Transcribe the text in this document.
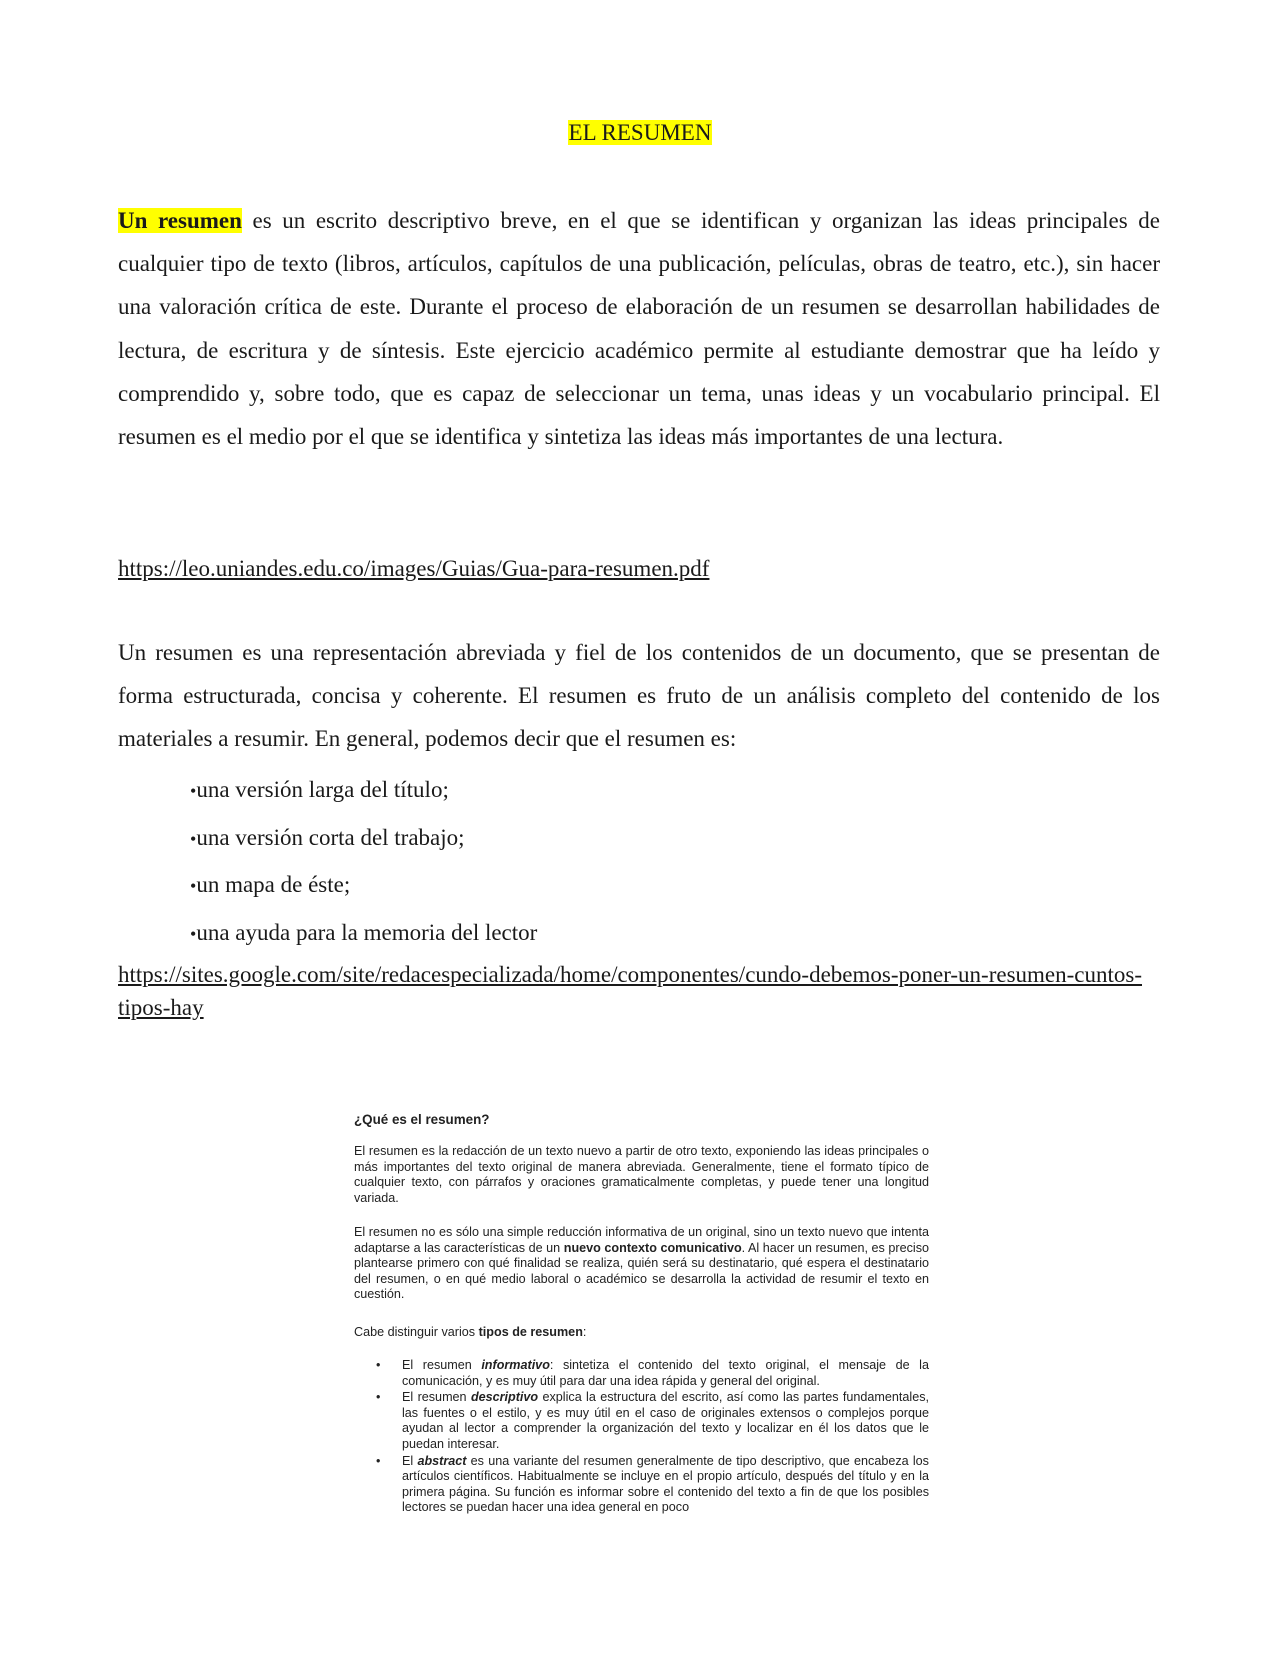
EL RESUMEN

Un resumen es un escrito descriptivo breve, en el que se identifican y organizan las ideas principales de cualquier tipo de texto (libros, artículos, capítulos de una publicación, películas, obras de teatro, etc.), sin hacer una valoración crítica de este. Durante el proceso de elaboración de un resumen se desarrollan habilidades de lectura, de escritura y de síntesis. Este ejercicio académico permite al estudiante demostrar que ha leído y comprendido y, sobre todo, que es capaz de seleccionar un tema, unas ideas y un vocabulario principal. El resumen es el medio por el que se identifica y sintetiza las ideas más importantes de una lectura.

https://leo.uniandes.edu.co/images/Guias/Gua-para-resumen.pdf

Un resumen es una representación abreviada y fiel de los contenidos de un documento, que se presentan de forma estructurada, concisa y coherente. El resumen es fruto de un análisis completo del contenido de los materiales a resumir. En general, podemos decir que el resumen es:

•una versión larga del título;
•una versión corta del trabajo;
•un mapa de éste;
•una ayuda para la memoria del lector
https://sites.google.com/site/redacespecializada/home/componentes/cundo-debemos-poner-un-resumen-cuntos-tipos-hay
¿Qué es el resumen?

El resumen es la redacción de un texto nuevo a partir de otro texto, exponiendo las ideas principales o más importantes del texto original de manera abreviada. Generalmente, tiene el formato típico de cualquier texto, con párrafos y oraciones gramaticalmente completas, y puede tener una longitud variada.

El resumen no es sólo una simple reducción informativa de un original, sino un texto nuevo que intenta adaptarse a las características de un nuevo contexto comunicativo. Al hacer un resumen, es preciso plantearse primero con qué finalidad se realiza, quién será su destinatario, qué espera el destinatario del resumen, o en qué medio laboral o académico se desarrolla la actividad de resumir el texto en cuestión.

Cabe distinguir varios tipos de resumen:

• El resumen informativo: sintetiza el contenido del texto original, el mensaje de la comunicación, y es muy útil para dar una idea rápida y general del original.
• El resumen descriptivo explica la estructura del escrito, así como las partes fundamentales, las fuentes o el estilo, y es muy útil en el caso de originales extensos o complejos porque ayudan al lector a comprender la organización del texto y localizar en él los datos que le puedan interesar.
• El abstract es una variante del resumen generalmente de tipo descriptivo, que encabeza los artículos científicos. Habitualmente se incluye en el propio artículo, después del título y en la primera página. Su función es informar sobre el contenido del texto a fin de que los posibles lectores se puedan hacer una idea general en poco
